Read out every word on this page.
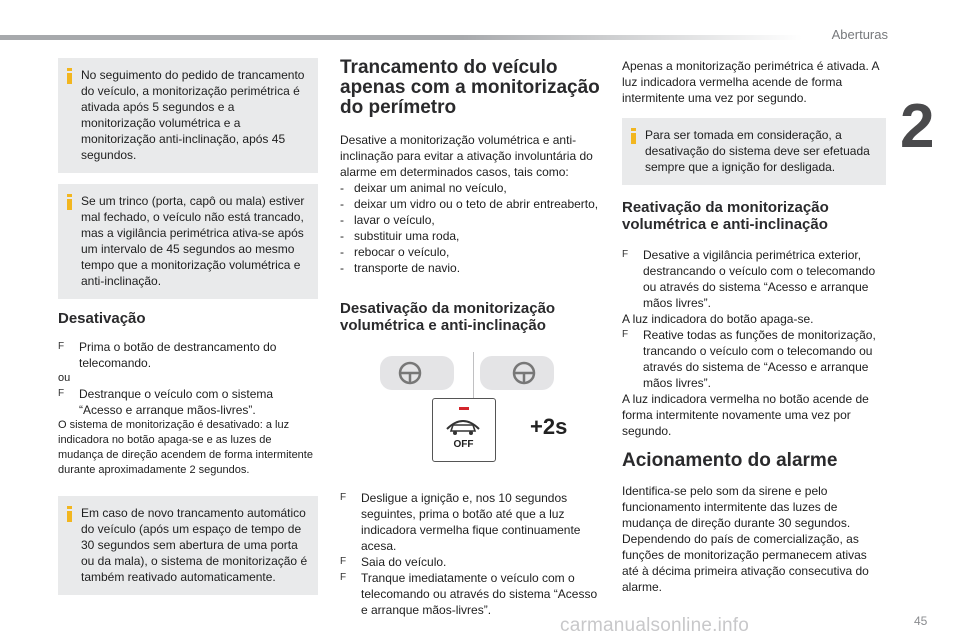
Aberturas
2

No seguimento do pedido de trancamento do veículo, a monitorização perimétrica é ativada após 5 segundos e a monitorização volumétrica e a monitorização anti-inclinação, após 45 segundos.

Se um trinco (porta, capô ou mala) estiver mal fechado, o veículo não está trancado, mas a vigilância perimétrica ativa-se após um intervalo de 45 segundos ao mesmo tempo que a monitorização volumétrica e anti-inclinação.

Desativação
F Prima o botão de destrancamento do telecomando.

ou

F Destranque o veículo com o sistema “Acesso e arranque mãos-livres”.

O sistema de monitorização é desativado: a luz indicadora no botão apaga-se e as luzes de mudança de direção acendem de forma intermitente durante aproximadamente 2 segundos.

Em caso de novo trancamento automático do veículo (após um espaço de tempo de 30 segundos sem abertura de uma porta ou da mala), o sistema de monitorização é também reativado automaticamente.

Trancamento do veículo apenas com a monitorização do perímetro

Desative a monitorização volumétrica e anti-inclinação para evitar a ativação involuntária do alarme em determinados casos, tais como:

- deixar um animal no veículo,
- deixar um vidro ou o teto de abrir entreaberto,
- lavar o veículo,
- substituir uma roda,
- rebocar o veículo,
- transporte de navio.
Desativação da monitorização volumétrica e anti-inclinação
OFF
+2s
F Desligue a ignição e, nos 10 segundos seguintes, prima o botão até que a luz indicadora vermelha fique continuamente acesa.
F Saia do veículo.
F Tranque imediatamente o veículo com o telecomando ou através do sistema “Acesso e arranque mãos-livres”.

Apenas a monitorização perimétrica é ativada. A luz indicadora vermelha acende de forma intermitente uma vez por segundo.

Para ser tomada em consideração, a desativação do sistema deve ser efetuada sempre que a ignição for desligada.

Reativação da monitorização volumétrica e anti-inclinação
F Desative a vigilância perimétrica exterior, destrancando o veículo com o telecomando ou através do sistema “Acesso e arranque mãos livres”.

A luz indicadora do botão apaga-se.

F Reative todas as funções de monitorização, trancando o veículo com o telecomando ou através do sistema de “Acesso e arranque mãos livres”.

A luz indicadora vermelha no botão acende de forma intermitente novamente uma vez por segundo.

Acionamento do alarme

Identifica-se pelo som da sirene e pelo funcionamento intermitente das luzes de mudança de direção durante 30 segundos. Dependendo do país de comercialização, as funções de monitorização permanecem ativas até à décima primeira ativação consecutiva do alarme.

carmanualsonline.info	45
